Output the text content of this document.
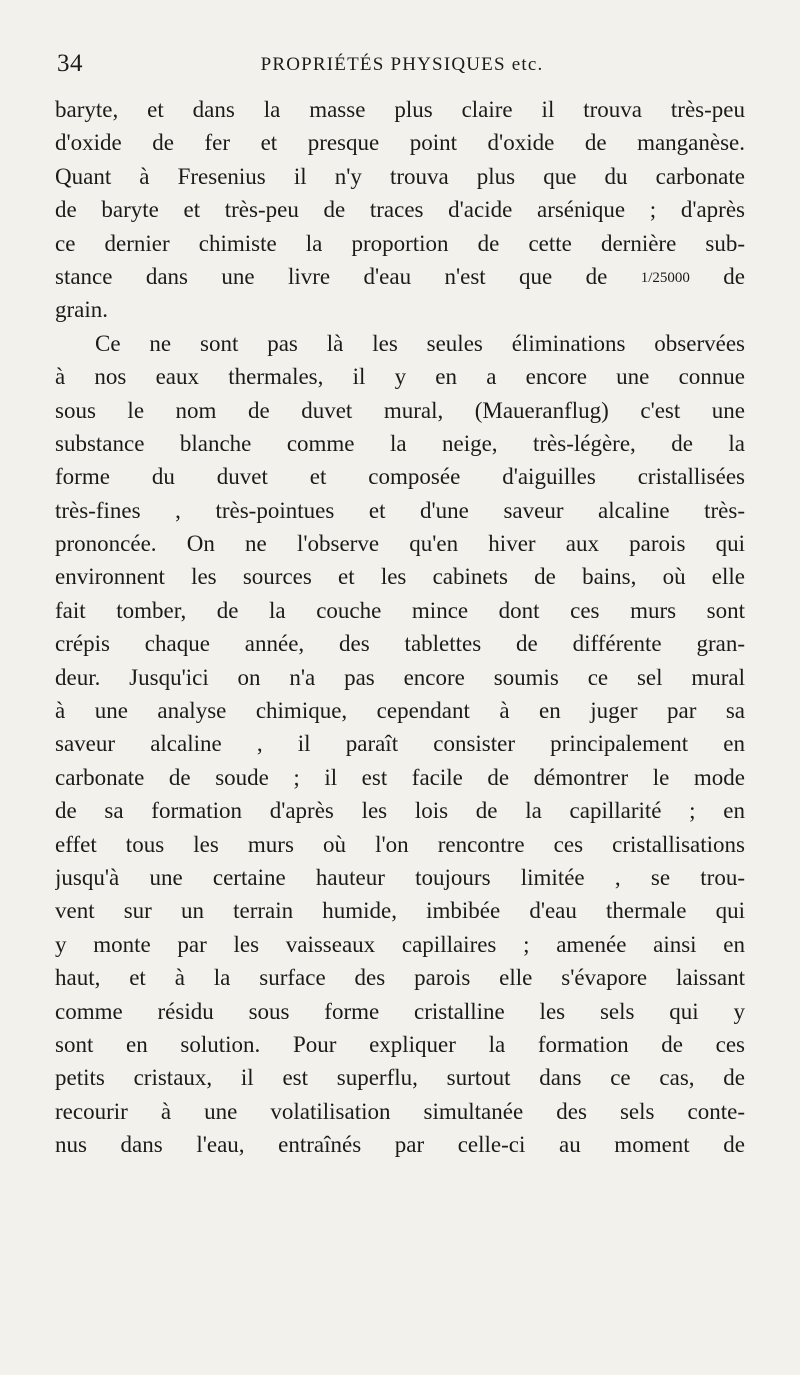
34	PROPRIÉTÉS PHYSIQUES etc.
baryte, et dans la masse plus claire il trouva très-peu
d'oxide de fer et presque point d'oxide de manganèse.
Quant à Fresenius il n'y trouva plus que du carbonate
de baryte et très-peu de traces d'acide arsénique ; d'après
ce dernier chimiste la proportion de cette dernière sub-
stance dans une livre d'eau n'est que de 1/25000 de
grain.
Ce ne sont pas là les seules éliminations observées
à nos eaux thermales, il y en a encore une connue
sous le nom de duvet mural, (Maueranflug) c'est une
substance blanche comme la neige, très-légère, de la
forme du duvet et composée d'aiguilles cristallisées
très-fines , très-pointues et d'une saveur alcaline très-
prononcée. On ne l'observe qu'en hiver aux parois qui
environnent les sources et les cabinets de bains, où elle
fait tomber, de la couche mince dont ces murs sont
crépis chaque année, des tablettes de différente gran-
deur. Jusqu'ici on n'a pas encore soumis ce sel mural
à une analyse chimique, cependant à en juger par sa
saveur alcaline , il paraît consister principalement en
carbonate de soude ; il est facile de démontrer le mode
de sa formation d'après les lois de la capillarité ; en
effet tous les murs où l'on rencontre ces cristallisations
jusqu'à une certaine hauteur toujours limitée , se trou-
vent sur un terrain humide, imbibée d'eau thermale qui
y monte par les vaisseaux capillaires ; amenée ainsi en
haut, et à la surface des parois elle s'évapore laissant
comme résidu sous forme cristalline les sels qui y
sont en solution. Pour expliquer la formation de ces
petits cristaux, il est superflu, surtout dans ce cas, de
recourir à une volatilisation simultanée des sels conte-
nus dans l'eau, entraînés par celle-ci au moment de
